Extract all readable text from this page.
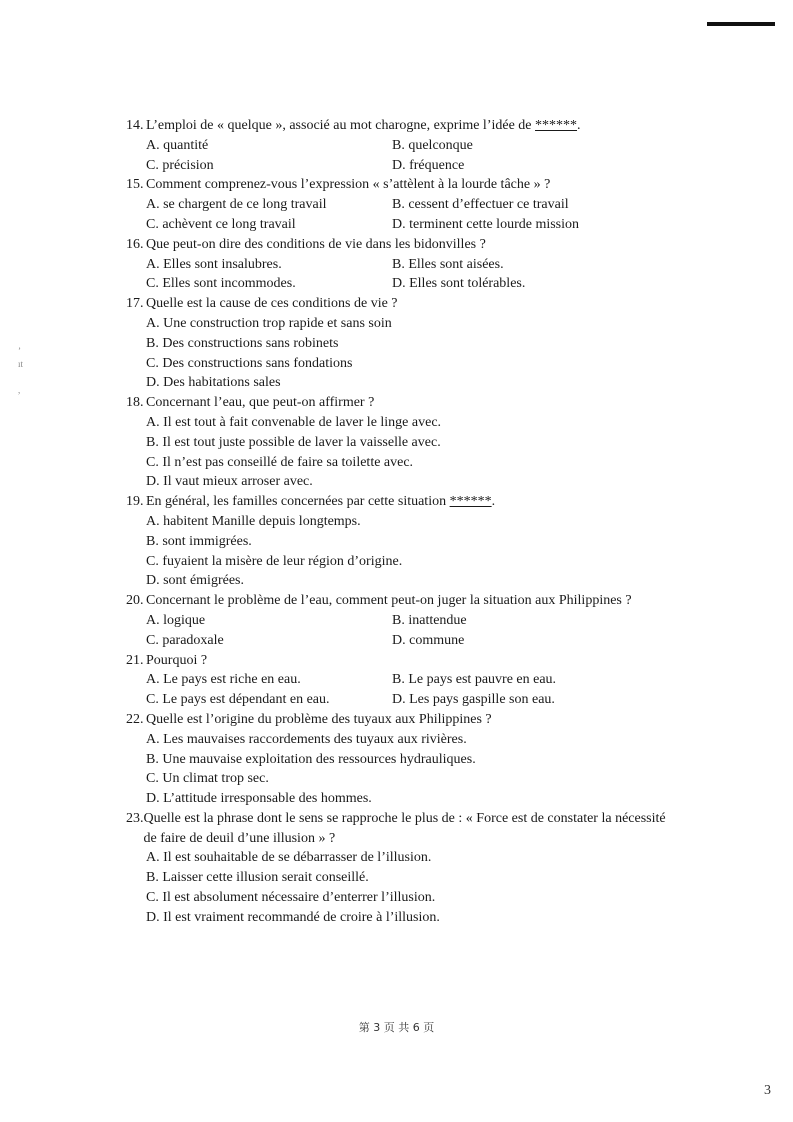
ʼ
ıt

,
14. L’emploi de « quelque », associé au mot charogne, exprime l’idée de ******.
A. quantité	B. quelconque
C. précision	D. fréquence
15. Comment comprenez-vous l’expression « s’attèlent à la lourde tâche » ?
A. se chargent de ce long travail	B. cessent d’effectuer ce travail
C. achèvent ce long travail	D. terminent cette lourde mission
16. Que peut-on dire des conditions de vie dans les bidonvilles ?
A. Elles sont insalubres.	B. Elles sont aisées.
C. Elles sont incommodes.	D. Elles sont tolérables.
17. Quelle est la cause de ces conditions de vie ?
A. Une construction trop rapide et sans soin
B. Des constructions sans robinets
C. Des constructions sans fondations
D. Des habitations sales
18. Concernant l’eau, que peut-on affirmer ?
A. Il est tout à fait convenable de laver le linge avec.
B. Il est tout juste possible de laver la vaisselle avec.
C. Il n’est pas conseillé de faire sa toilette avec.
D. Il vaut mieux arroser avec.
19. En général, les familles concernées par cette situation ******.
A. habitent Manille depuis longtemps.
B. sont immigrées.
C. fuyaient la misère de leur région d’origine.
D. sont émigrées.
20. Concernant le problème de l’eau, comment peut-on juger la situation aux Philippines ?
A. logique	B. inattendue
C. paradoxale	D. commune
21. Pourquoi ?
A. Le pays est riche en eau.	B. Le pays est pauvre en eau.
C. Le pays est dépendant en eau.	D. Les pays gaspille son eau.
22. Quelle est l’origine du problème des tuyaux aux Philippines ?
A. Les mauvaises raccordements des tuyaux aux rivières.
B. Une mauvaise exploitation des ressources hydrauliques.
C. Un climat trop sec.
D. L’attitude irresponsable des hommes.
23. Quelle est la phrase dont le sens se rapproche le plus de : « Force est de constater la nécessité de faire de deuil d’une illusion » ?
A. Il est souhaitable de se débarrasser de l’illusion.
B. Laisser cette illusion serait conseillé.
C. Il est absolument nécessaire d’enterrer l’illusion.
D. Il est vraiment recommandé de croire à l’illusion.
第 3 页 共 6 页
3
